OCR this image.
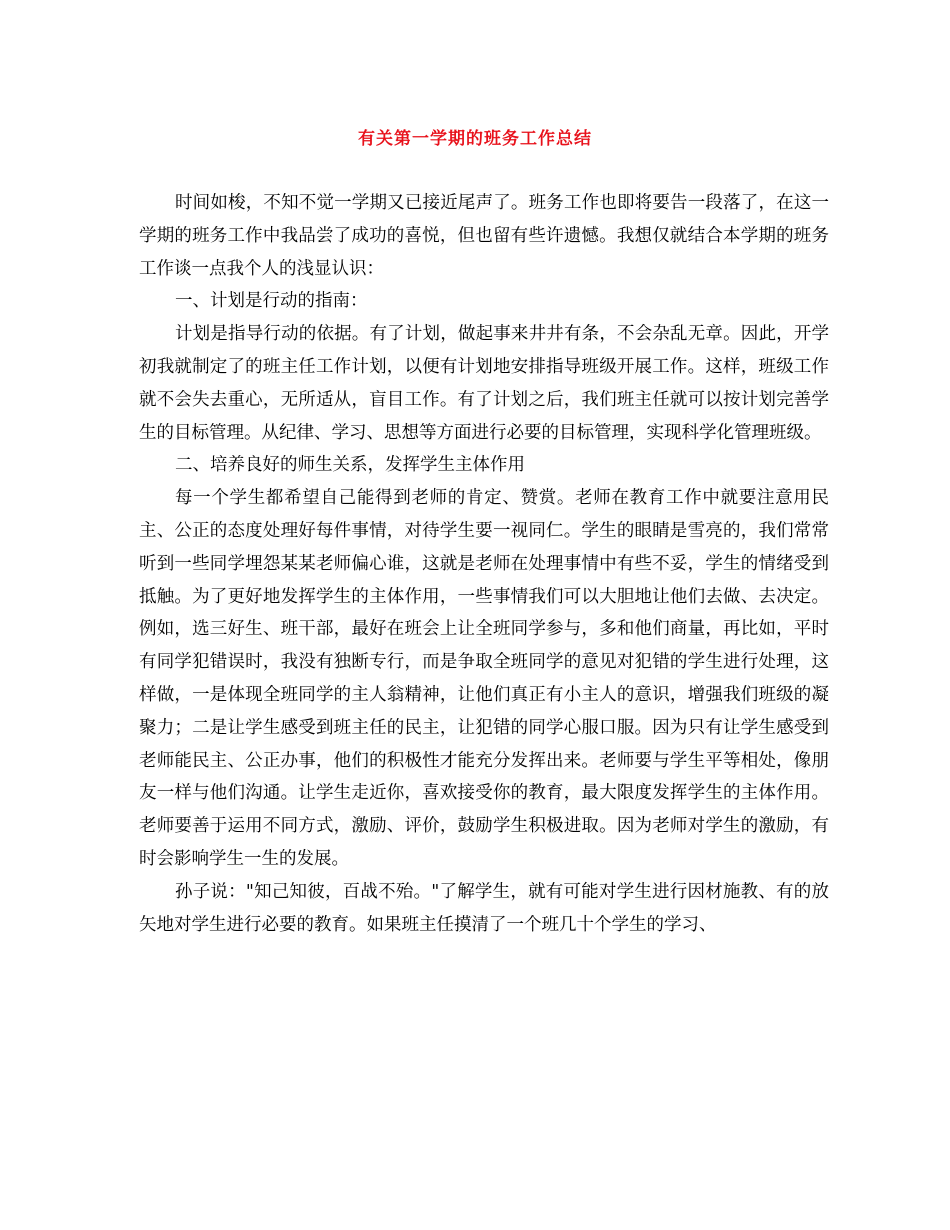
有关第一学期的班务工作总结

时间如梭，不知不觉一学期又已接近尾声了。班务工作也即将要告一段落了，在这一学期的班务工作中我品尝了成功的喜悦，但也留有些许遗憾。我想仅就结合本学期的班务工作谈一点我个人的浅显认识：

一、计划是行动的指南：

计划是指导行动的依据。有了计划，做起事来井井有条，不会杂乱无章。因此，开学初我就制定了的班主任工作计划，以便有计划地安排指导班级开展工作。这样，班级工作就不会失去重心，无所适从，盲目工作。有了计划之后，我们班主任就可以按计划完善学生的目标管理。从纪律、学习、思想等方面进行必要的目标管理，实现科学化管理班级。

二、培养良好的师生关系，发挥学生主体作用

每一个学生都希望自己能得到老师的肯定、赞赏。老师在教育工作中就要注意用民主、公正的态度处理好每件事情，对待学生要一视同仁。学生的眼睛是雪亮的，我们常常听到一些同学埋怨某某老师偏心谁，这就是老师在处理事情中有些不妥，学生的情绪受到抵触。为了更好地发挥学生的主体作用，一些事情我们可以大胆地让他们去做、去决定。例如，选三好生、班干部，最好在班会上让全班同学参与，多和他们商量，再比如，平时有同学犯错误时，我没有独断专行，而是争取全班同学的意见对犯错的学生进行处理，这样做，一是体现全班同学的主人翁精神，让他们真正有小主人的意识，增强我们班级的凝聚力；二是让学生感受到班主任的民主，让犯错的同学心服口服。因为只有让学生感受到老师能民主、公正办事，他们的积极性才能充分发挥出来。老师要与学生平等相处，像朋友一样与他们沟通。让学生走近你，喜欢接受你的教育，最大限度发挥学生的主体作用。老师要善于运用不同方式，激励、评价，鼓励学生积极进取。因为老师对学生的激励，有时会影响学生一生的发展。

孙子说："知己知彼，百战不殆。"了解学生，就有可能对学生进行因材施教、有的放矢地对学生进行必要的教育。如果班主任摸清了一个班几十个学生的学习、
